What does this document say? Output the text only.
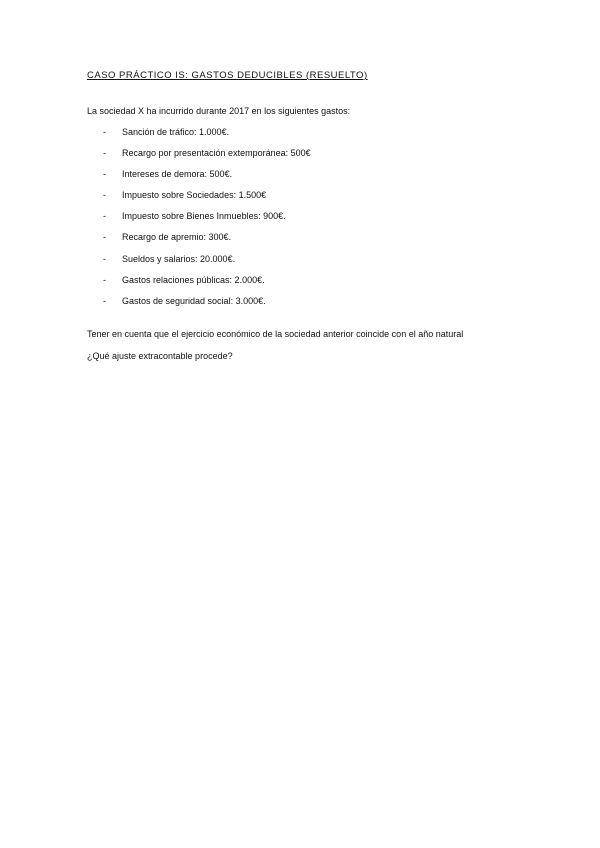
CASO PRÁCTICO IS: GASTOS DEDUCIBLES (RESUELTO)
La sociedad X ha incurrido durante 2017 en los siguientes gastos:
- Sanción de tráfico: 1.000€.
- Recargo por presentación extemporánea: 500€
- Intereses de demora: 500€.
- Impuesto sobre Sociedades: 1.500€
- Impuesto sobre Bienes Inmuebles: 900€.
- Recargo de apremio: 300€.
- Sueldos y salarios: 20.000€.
- Gastos relaciones públicas: 2.000€.
- Gastos de seguridad social: 3.000€.
Tener en cuenta que el ejercicio económico de la sociedad anterior coincide con el año natural
¿Qué ajuste extracontable procede?
